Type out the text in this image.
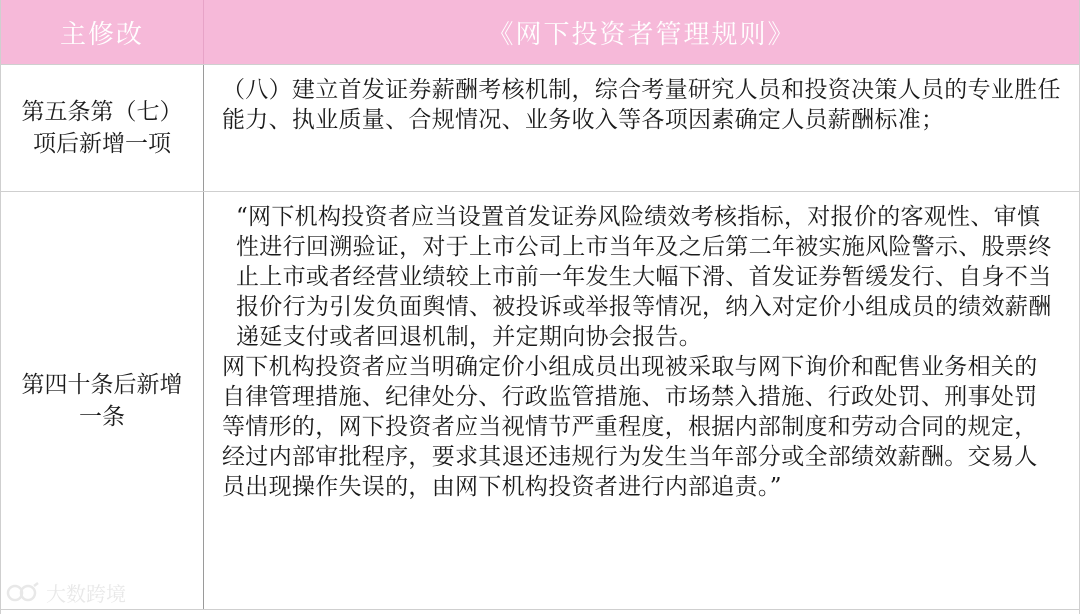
主修改	《网下投资者管理规则》
第五条第（七）项后新增一项

（八）建立首发证券薪酬考核机制，综合考量研究人员和投资决策人员的专业胜任能力、执业质量、合规情况、业务收入等各项因素确定人员薪酬标准；

第四十条后新增一条

“网下机构投资者应当设置首发证券风险绩效考核指标，对报价的客观性、审慎性进行回溯验证，对于上市公司上市当年及之后第二年被实施风险警示、股票终止上市或者经营业绩较上市前一年发生大幅下滑、首发证券暂缓发行、自身不当报价行为引发负面舆情、被投诉或举报等情况，纳入对定价小组成员的绩效薪酬递延支付或者回退机制，并定期向协会报告。

网下机构投资者应当明确定价小组成员出现被采取与网下询价和配售业务相关的自律管理措施、纪律处分、行政监管措施、市场禁入措施、行政处罚、刑事处罚等情形的，网下投资者应当视情节严重程度，根据内部制度和劳动合同的规定，经过内部审批程序，要求其退还违规行为发生当年部分或全部绩效薪酬。交易人员出现操作失误的，由网下机构投资者进行内部追责。”

大数跨境
